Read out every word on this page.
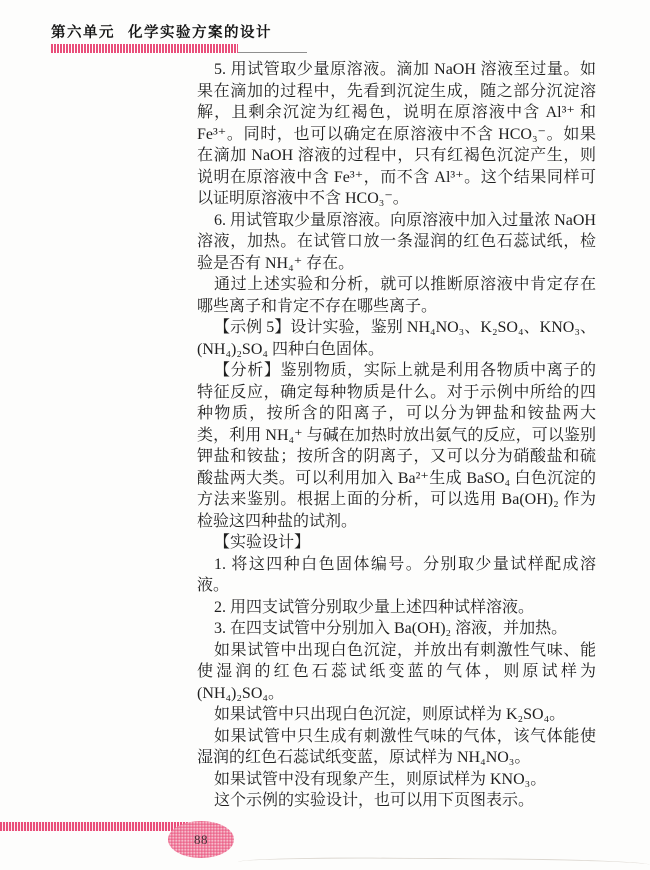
第六单元 化学实验方案的设计

5. 用试管取少量原溶液。滴加 NaOH 溶液至过量。如果在滴加的过程中，先看到沉淀生成，随之部分沉淀溶解，且剩余沉淀为红褐色，说明在原溶液中含 Al³⁺ 和 Fe³⁺。同时，也可以确定在原溶液中不含 HCO₃⁻。如果在滴加 NaOH 溶液的过程中，只有红褐色沉淀产生，则说明在原溶液中含 Fe³⁺，而不含 Al³⁺。这个结果同样可以证明原溶液中不含 HCO₃⁻。

6. 用试管取少量原溶液。向原溶液中加入过量浓 NaOH 溶液，加热。在试管口放一条湿润的红色石蕊试纸，检验是否有 NH₄⁺ 存在。

通过上述实验和分析，就可以推断原溶液中肯定存在哪些离子和肯定不存在哪些离子。

【示例 5】设计实验，鉴别 NH₄NO₃、K₂SO₄、KNO₃、(NH₄)₂SO₄ 四种白色固体。

【分析】鉴别物质，实际上就是利用各物质中离子的特征反应，确定每种物质是什么。对于示例中所给的四种物质，按所含的阳离子，可以分为钾盐和铵盐两大类，利用 NH₄⁺ 与碱在加热时放出氨气的反应，可以鉴别钾盐和铵盐；按所含的阴离子，又可以分为硝酸盐和硫酸盐两大类。可以利用加入 Ba²⁺生成 BaSO₄ 白色沉淀的方法来鉴别。根据上面的分析，可以选用 Ba(OH)₂ 作为检验这四种盐的试剂。

【实验设计】

1. 将这四种白色固体编号。分别取少量试样配成溶液。

2. 用四支试管分别取少量上述四种试样溶液。

3. 在四支试管中分别加入 Ba(OH)₂ 溶液，并加热。

如果试管中出现白色沉淀，并放出有刺激性气味、能使湿润的红色石蕊试纸变蓝的气体，则原试样为(NH₄)₂SO₄。

如果试管中只出现白色沉淀，则原试样为 K₂SO₄。

如果试管中只生成有刺激性气味的气体，该气体能使湿润的红色石蕊试纸变蓝，原试样为 NH₄NO₃。

如果试管中没有现象产生，则原试样为 KNO₃。

这个示例的实验设计，也可以用下页图表示。

88
